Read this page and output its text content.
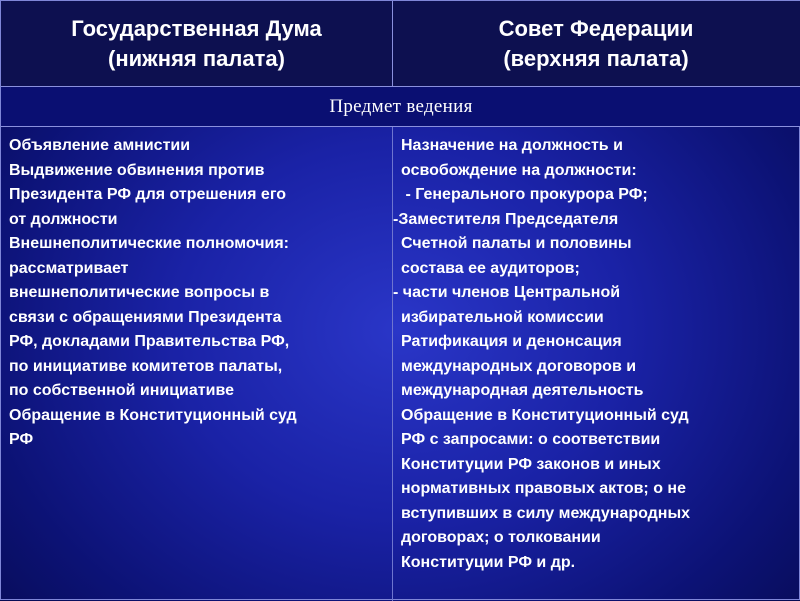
Государственная Дума
(нижняя палата)
Совет Федерации
(верхняя палата)
Предмет ведения
Объявление амнистии
Выдвижение обвинения против
Президента РФ для отрешения его
от должности
Внешнеполитические полномочия:
рассматривает
внешнеполитические вопросы в
связи с обращениями Президента
РФ, докладами Правительства РФ,
по инициативе комитетов палаты,
по собственной инициативе
Обращение в Конституционный суд
РФ
Назначение на должность и
освобождение на должности:
- Генерального прокурора РФ;
-Заместителя Председателя
Счетной палаты и половины
состава ее аудиторов;
- части членов Центральной
избирательной комиссии
Ратификация и денонсация
международных договоров и
международная деятельность
Обращение в Конституционный суд
РФ с запросами: о соответствии
Конституции РФ законов и иных
нормативных правовых актов; о не
вступивших в силу международных
договорах; о толковании
Конституции РФ и др.
